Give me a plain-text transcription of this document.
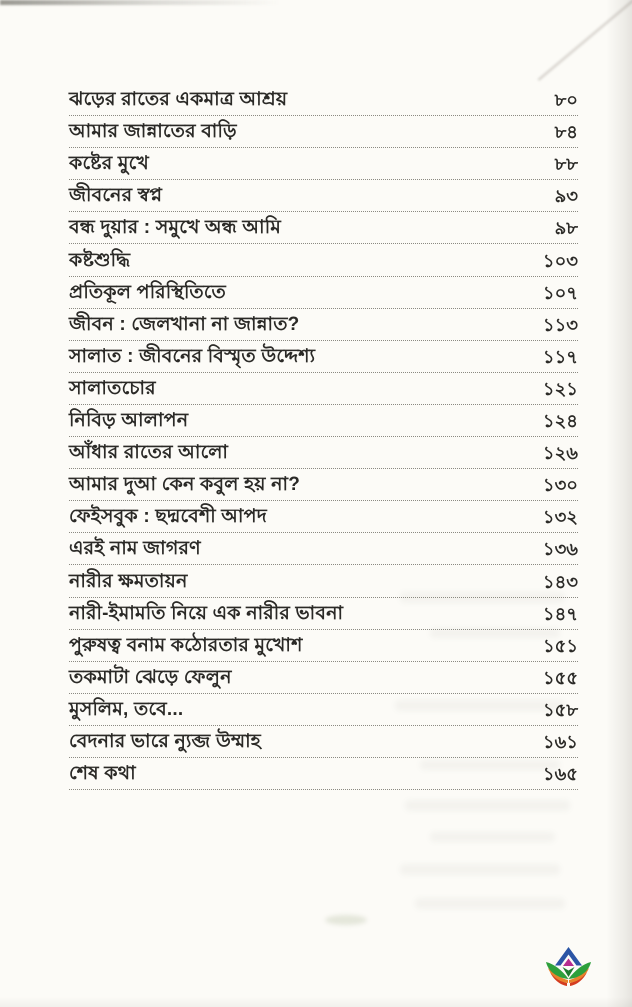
ঝড়ের রাতের একমাত্র আশ্রয়	৮০
আমার জান্নাতের বাড়ি	৮৪
কষ্টের মুখে	৮৮
জীবনের স্বপ্ন	৯৩
বন্ধ দুয়ার : সমুখে অন্ধ আমি	৯৮
কষ্টশুদ্ধি	১০৩
প্রতিকূল পরিস্থিতিতে	১০৭
জীবন : জেলখানা না জান্নাত?	১১৩
সালাত : জীবনের বিস্মৃত উদ্দেশ্য	১১৭
সালাতচোর	১২১
নিবিড় আলাপন	১২৪
আঁধার রাতের আলো	১২৬
আমার দুআ কেন কবুল হয় না?	১৩০
ফেইসবুক : ছদ্মবেশী আপদ	১৩২
এরই নাম জাগরণ	১৩৬
নারীর ক্ষমতায়ন	১৪৩
নারী-ইমামতি নিয়ে এক নারীর ভাবনা	১৪৭
পুরুষত্ব বনাম কঠোরতার মুখোশ	১৫১
তকমাটা ঝেড়ে ফেলুন	১৫৫
মুসলিম, তবে...	১৫৮
বেদনার ভারে ন্যুব্জ উম্মাহ	১৬১
শেষ কথা	১৬৫
